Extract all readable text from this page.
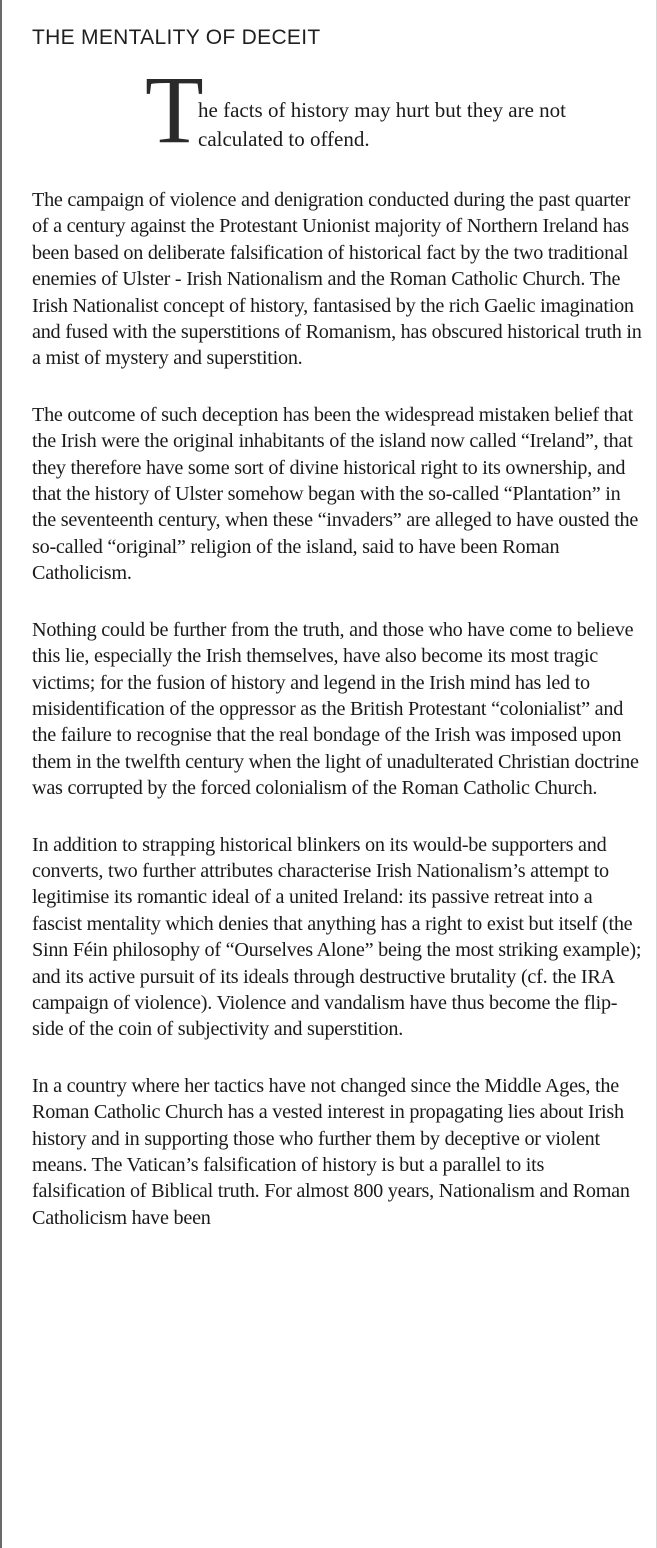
THE MENTALITY OF DECEIT
T

he facts of history may hurt but they are not calculated to offend.

The campaign of violence and denigration conducted during the past quarter of a century against the Protestant Unionist majority of Northern Ireland has been based on deliberate falsification of historical fact by the two traditional enemies of Ulster - Irish Nationalism and the Roman Catholic Church. The Irish Nationalist concept of history, fantasised by the rich Gaelic imagination and fused with the superstitions of Romanism, has obscured historical truth in a mist of mystery and superstition.

The outcome of such deception has been the widespread mistaken belief that the Irish were the original inhabitants of the island now called “Ireland”, that they therefore have some sort of divine historical right to its ownership, and that the history of Ulster somehow began with the so-called “Plantation” in the seventeenth century, when these “invaders” are alleged to have ousted the so-called “original” religion of the island, said to have been Roman Catholicism.

Nothing could be further from the truth, and those who have come to believe this lie, especially the Irish themselves, have also become its most tragic victims; for the fusion of history and legend in the Irish mind has led to misidentification of the oppressor as the British Protestant “colonialist” and the failure to recognise that the real bondage of the Irish was imposed upon them in the twelfth century when the light of unadulterated Christian doctrine was corrupted by the forced colonialism of the Roman Catholic Church.

In addition to strapping historical blinkers on its would-be supporters and converts, two further attributes characterise Irish Nationalism’s attempt to legitimise its romantic ideal of a united Ireland: its passive retreat into a fascist mentality which denies that anything has a right to exist but itself (the Sinn Féin philosophy of “Ourselves Alone” being the most striking example); and its active pursuit of its ideals through destructive brutality (cf. the IRA campaign of violence). Violence and vandalism have thus become the flip-side of the coin of subjectivity and superstition.

In a country where her tactics have not changed since the Middle Ages, the Roman Catholic Church has a vested interest in propagating lies about Irish history and in supporting those who further them by deceptive or violent means. The Vatican’s falsification of history is but a parallel to its falsification of Biblical truth. For almost 800 years, Nationalism and Roman Catholicism have been
